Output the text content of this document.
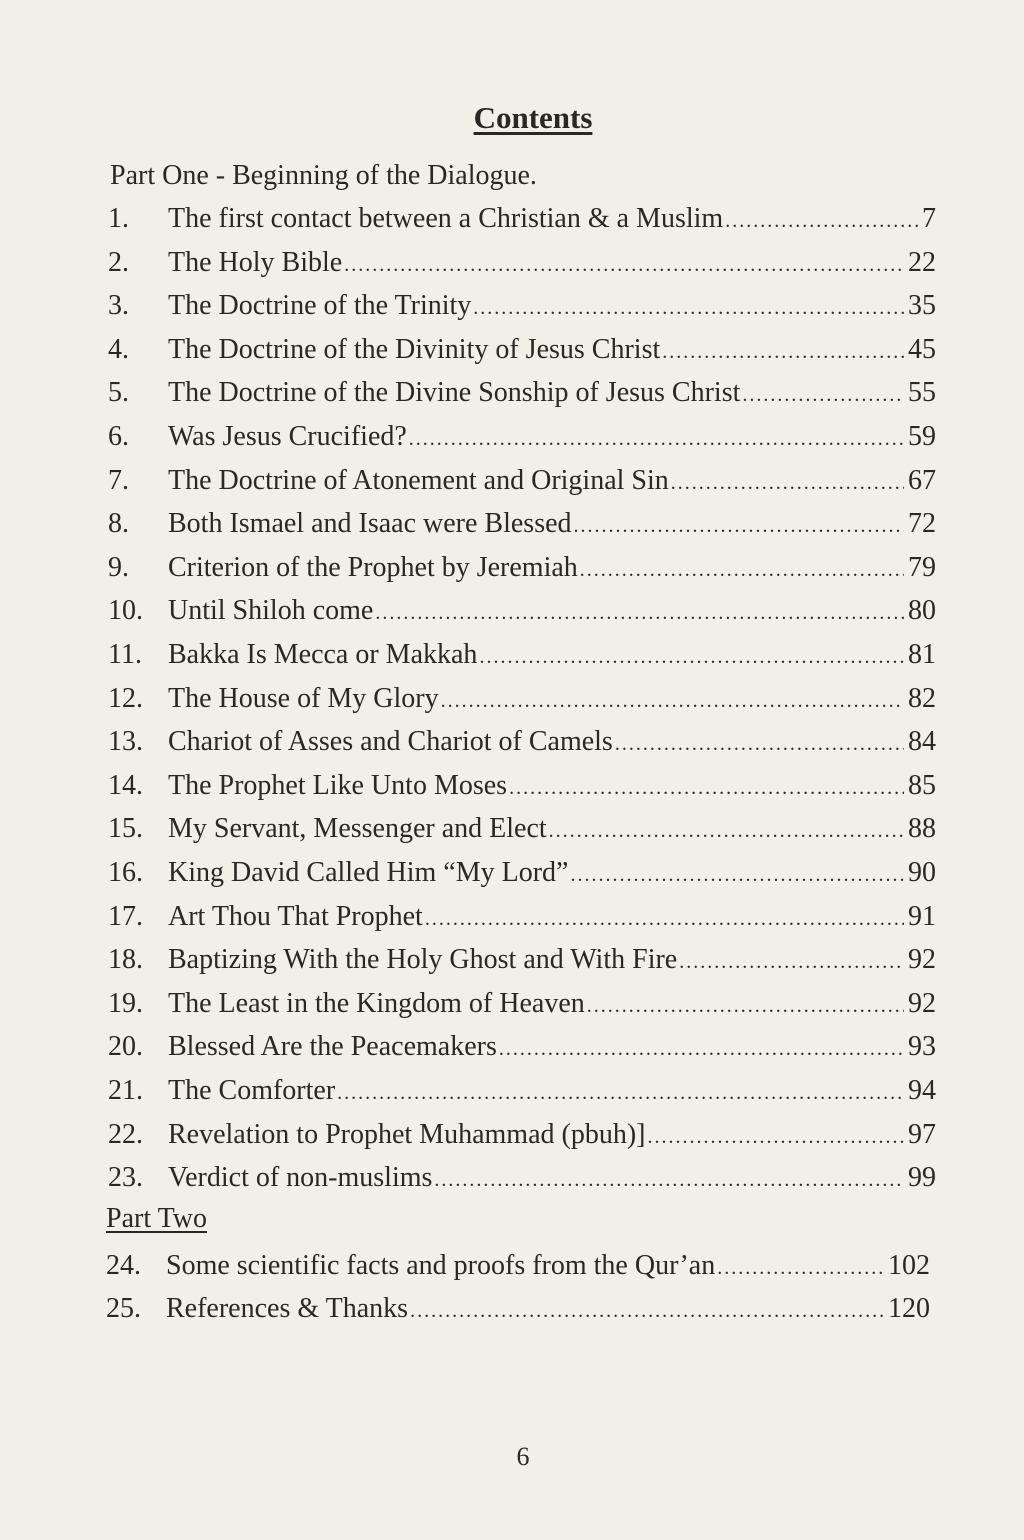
Contents
Part One - Beginning of the Dialogue.
1.	The first contact between a Christian & a Muslim .....	7
2.	The Holy Bible .....	22
3.	The Doctrine of the Trinity .....	35
4.	The Doctrine of the Divinity of Jesus Christ .....	45
5.	The Doctrine of the Divine Sonship of Jesus Christ .....	55
6.	Was Jesus Crucified? .....	59
7.	The Doctrine of Atonement and Original Sin .....	67
8.	Both Ismael and Isaac were Blessed .....	72
9.	Criterion of the Prophet by Jeremiah .....	79
10. Until Shiloh come .....	80
11. Bakka Is Mecca or Makkah .....	81
12. The House of My Glory .....	82
13. Chariot of Asses and Chariot of Camels .....	84
14. The Prophet Like Unto Moses .....	85
15. My Servant, Messenger and Elect .....	88
16. King David Called Him “My Lord” .....	90
17. Art Thou That Prophet .....	91
18. Baptizing With the Holy Ghost and With Fire .....	92
19. The Least in the Kingdom of Heaven .....	92
20. Blessed Are the Peacemakers .....	93
21. The Comforter .....	94
22. Revelation to Prophet Muhammad (pbuh)] .....	97
23. Verdict of non-muslims .....	99
24. Some scientific facts and proofs from the Qur’an .....	102
25. References & Thanks .....	120
Part Two
6
